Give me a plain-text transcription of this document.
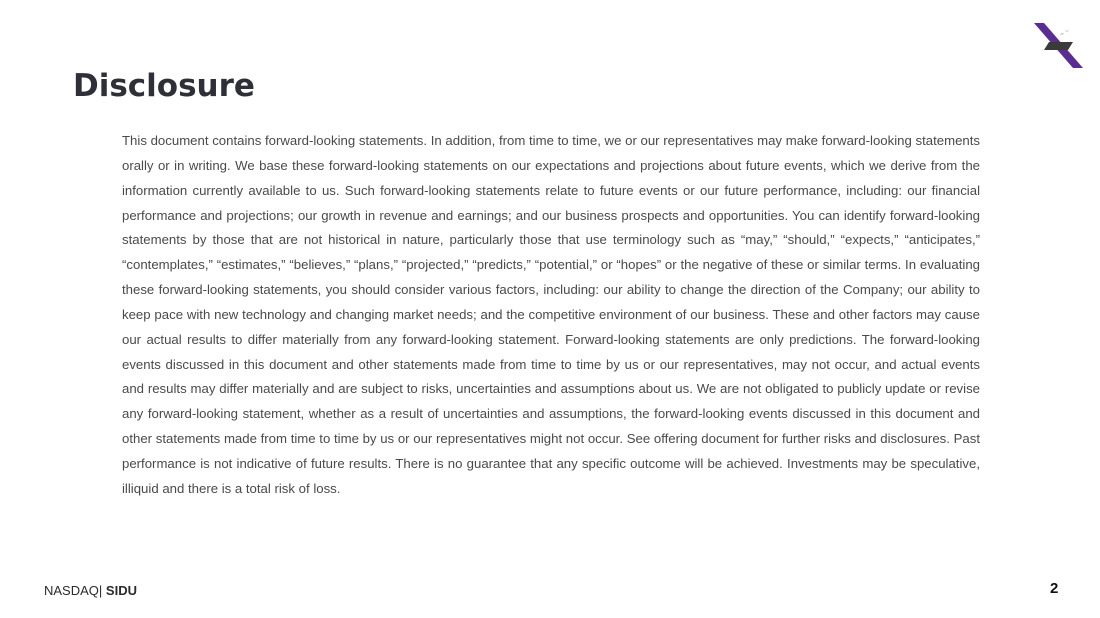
Disclosure

This document contains forward-looking statements. In addition, from time to time, we or our representatives may make forward-looking statements orally or in writing. We base these forward-looking statements on our expectations and projections about future events, which we derive from the information currently available to us. Such forward-looking statements relate to future events or our future performance, including: our financial performance and projections; our growth in revenue and earnings; and our business prospects and opportunities. You can identify forward-looking statements by those that are not historical in nature, particularly those that use terminology such as “may,” “should,” “expects,” “anticipates,” “contemplates,” “estimates,” “believes,” “plans,” “projected,” “predicts,” “potential,” or “hopes” or the negative of these or similar terms. In evaluating these forward-looking statements, you should consider various factors, including: our ability to change the direction of the Company; our ability to keep pace with new technology and changing market needs; and the competitive environment of our business. These and other factors may cause our actual results to differ materially from any forward-looking statement. Forward-looking statements are only predictions. The forward-looking events discussed in this document and other statements made from time to time by us or our representatives, may not occur, and actual events and results may differ materially and are subject to risks, uncertainties and assumptions about us. We are not obligated to publicly update or revise any forward-looking statement, whether as a result of uncertainties and assumptions, the forward-looking events discussed in this document and other statements made from time to time by us or our representatives might not occur. See offering document for further risks and disclosures. Past performance is not indicative of future results. There is no guarantee that any specific outcome will be achieved. Investments may be speculative, illiquid and there is a total risk of loss.

NASDAQ| SIDU	2
